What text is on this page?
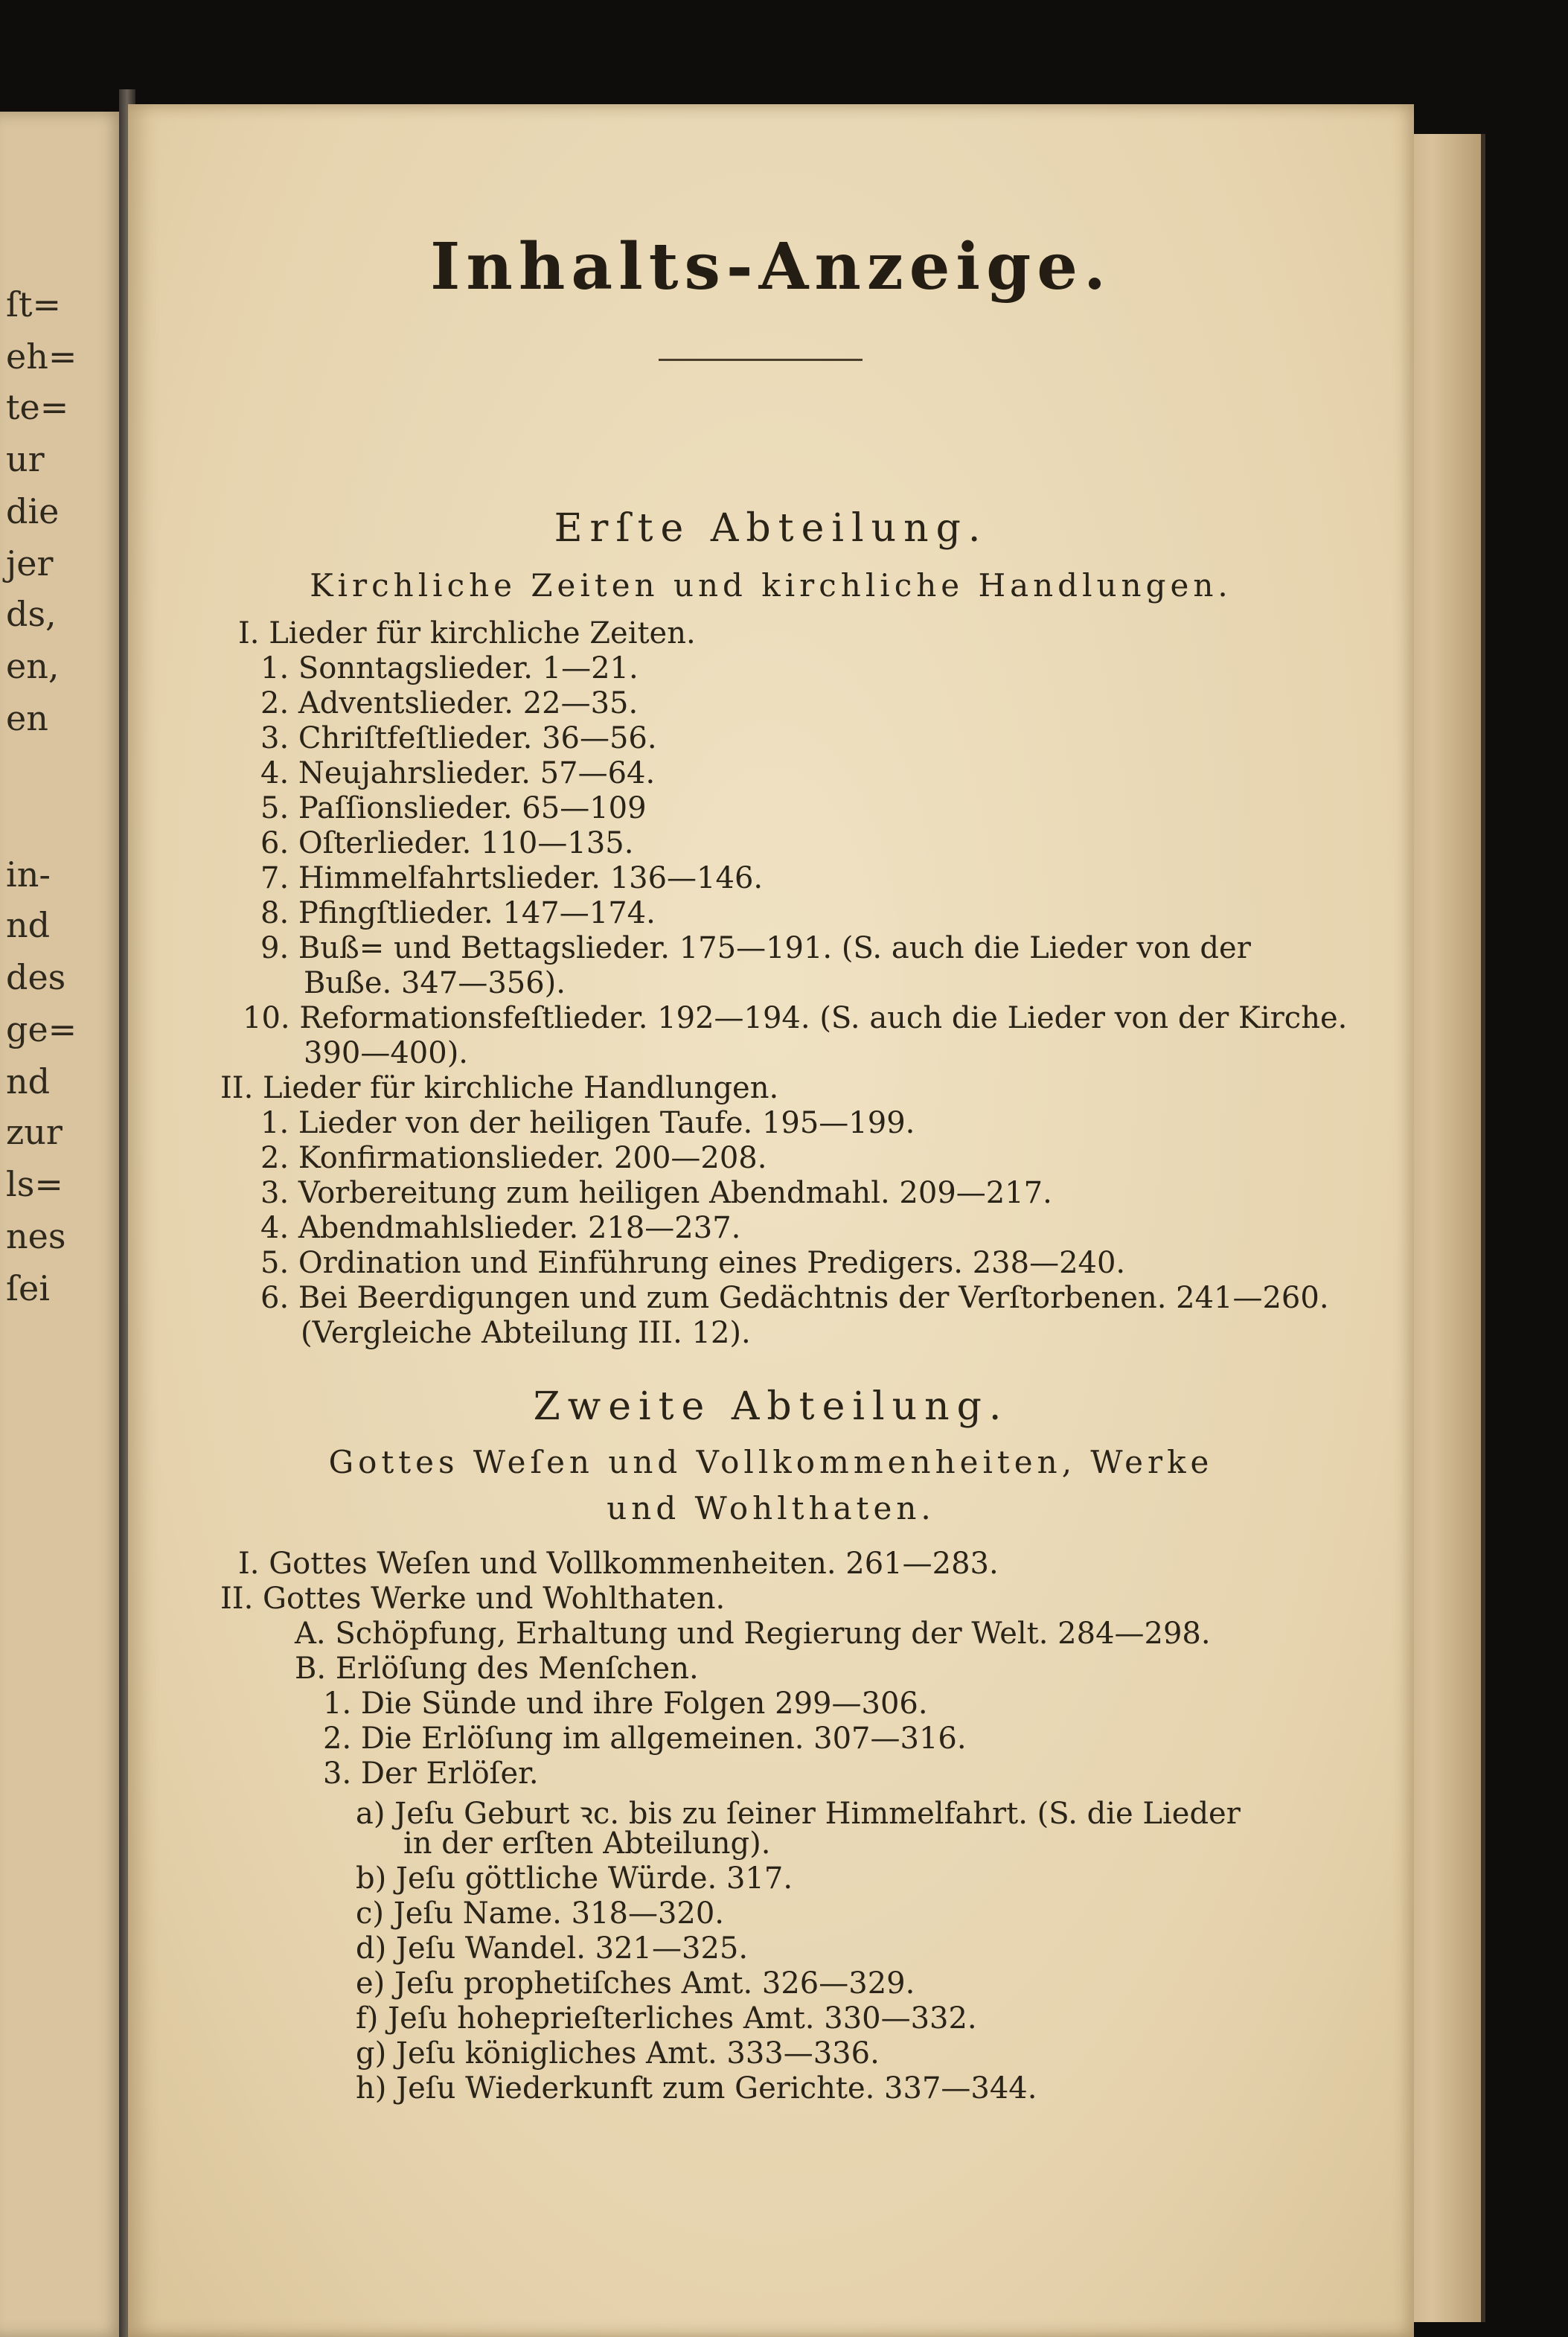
ſt=
eh=
te=
ur
die
jer
ds,
en,
en
in-
nd
des
ge=
nd
zur
ls=
nes
ſei
Inhalts-Anzeige.
Erſte Abteilung.
Kirchliche Zeiten und kirchliche Handlungen.
I. Lieder für kirchliche Zeiten.
1. Sonntagslieder. 1—21.
2. Adventslieder. 22—35.
3. Chriſtfeſtlieder. 36—56.
4. Neujahrslieder. 57—64.
5. Paſſionslieder. 65—109
6. Oſterlieder. 110—135.
7. Himmelfahrtslieder. 136—146.
8. Pfingſtlieder. 147—174.
9. Buß= und Bettagslieder. 175—191. (S. auch die Lieder von der
Buße. 347—356).
10. Reformationsfeſtlieder. 192—194. (S. auch die Lieder von der Kirche.
390—400).
II. Lieder für kirchliche Handlungen.
1. Lieder von der heiligen Taufe. 195—199.
2. Konfirmationslieder. 200—208.
3. Vorbereitung zum heiligen Abendmahl. 209—217.
4. Abendmahlslieder. 218—237.
5. Ordination und Einführung eines Predigers. 238—240.
6. Bei Beerdigungen und zum Gedächtnis der Verſtorbenen. 241—260.
(Vergleiche Abteilung III. 12).
Zweite Abteilung.
Gottes Weſen und Vollkommenheiten, Werke
und Wohlthaten.
I. Gottes Weſen und Vollkommenheiten. 261—283.
II. Gottes Werke und Wohlthaten.
A. Schöpfung, Erhaltung und Regierung der Welt. 284—298.
B. Erlöſung des Menſchen.
1. Die Sünde und ihre Folgen 299—306.
2. Die Erlöſung im allgemeinen. 307—316.
3. Der Erlöſer.
a) Jeſu Geburt ꝛc. bis zu ſeiner Himmelfahrt. (S. die Lieder
in der erſten Abteilung).
b) Jeſu göttliche Würde. 317.
c) Jeſu Name. 318—320.
d) Jeſu Wandel. 321—325.
e) Jeſu prophetiſches Amt. 326—329.
f) Jeſu hoheprieſterliches Amt. 330—332.
g) Jeſu königliches Amt. 333—336.
h) Jeſu Wiederkunft zum Gerichte. 337—344.
